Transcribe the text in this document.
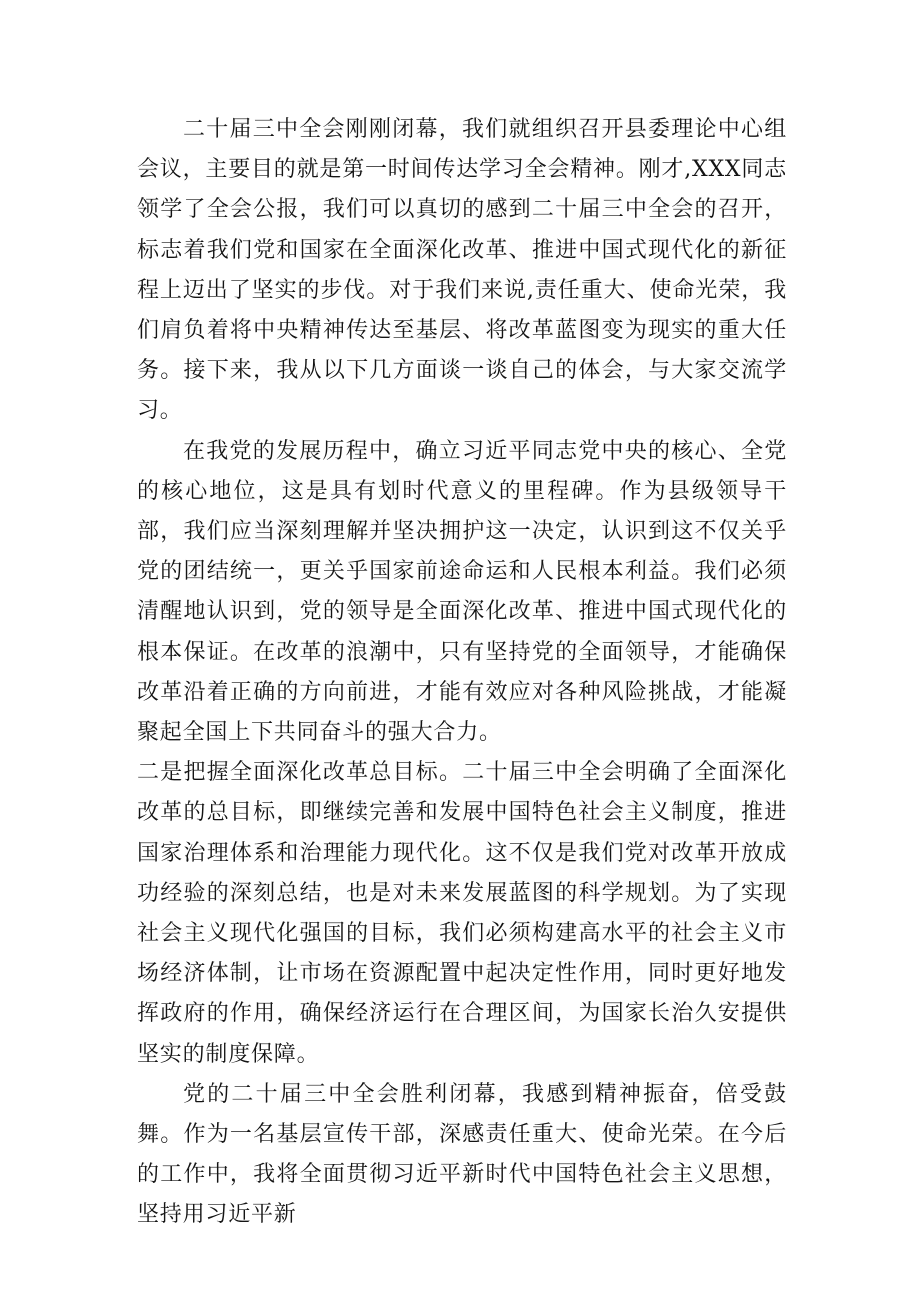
二十届三中全会刚刚闭幕，我们就组织召开县委理论中心组会议，主要目的就是第一时间传达学习全会精神。刚才,XXX同志领学了全会公报，我们可以真切的感到二十届三中全会的召开，标志着我们党和国家在全面深化改革、推进中国式现代化的新征程上迈出了坚实的步伐。对于我们来说,责任重大、使命光荣，我们肩负着将中央精神传达至基层、将改革蓝图变为现实的重大任务。接下来，我从以下几方面谈一谈自己的体会，与大家交流学习。

在我党的发展历程中，确立习近平同志党中央的核心、全党的核心地位，这是具有划时代意义的里程碑。作为县级领导干部，我们应当深刻理解并坚决拥护这一决定，认识到这不仅关乎党的团结统一，更关乎国家前途命运和人民根本利益。我们必须清醒地认识到，党的领导是全面深化改革、推进中国式现代化的根本保证。在改革的浪潮中，只有坚持党的全面领导，才能确保改革沿着正确的方向前进，才能有效应对各种风险挑战，才能凝聚起全国上下共同奋斗的强大合力。

二是把握全面深化改革总目标。二十届三中全会明确了全面深化改革的总目标，即继续完善和发展中国特色社会主义制度，推进国家治理体系和治理能力现代化。这不仅是我们党对改革开放成功经验的深刻总结，也是对未来发展蓝图的科学规划。为了实现社会主义现代化强国的目标，我们必须构建高水平的社会主义市场经济体制，让市场在资源配置中起决定性作用，同时更好地发挥政府的作用，确保经济运行在合理区间，为国家长治久安提供坚实的制度保障。

党的二十届三中全会胜利闭幕，我感到精神振奋，倍受鼓舞。作为一名基层宣传干部，深感责任重大、使命光荣。在今后的工作中，我将全面贯彻习近平新时代中国特色社会主义思想，坚持用习近平新
